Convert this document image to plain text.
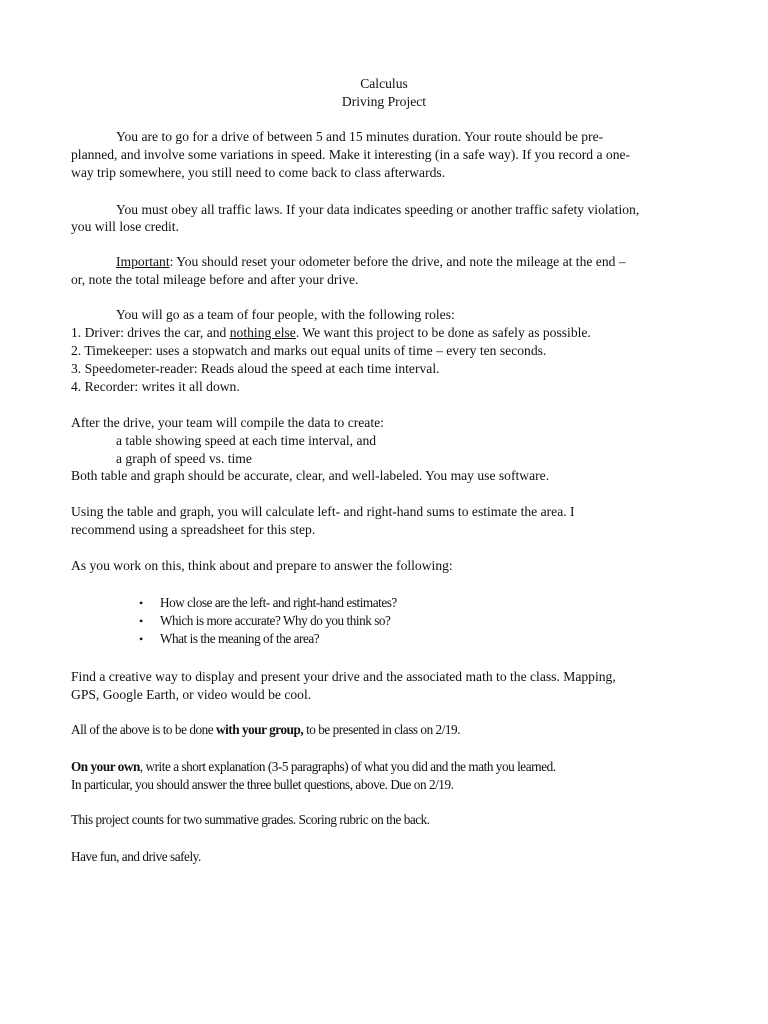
Calculus
Driving Project
You are to go for a drive of between 5 and 15 minutes duration. Your route should be pre-
planned, and involve some variations in speed. Make it interesting (in a safe way). If you record a one-
way trip somewhere, you still need to come back to class afterwards.
You must obey all traffic laws. If your data indicates speeding or another traffic safety violation,
you will lose credit.
Important: You should reset your odometer before the drive, and note the mileage at the end –
or, note the total mileage before and after your drive.
You will go as a team of four people, with the following roles:
1. Driver: drives the car, and nothing else. We want this project to be done as safely as possible.
2. Timekeeper: uses a stopwatch and marks out equal units of time – every ten seconds.
3. Speedometer-reader: Reads aloud the speed at each time interval.
4. Recorder: writes it all down.
After the drive, your team will compile the data to create:
a table showing speed at each time interval, and
a graph of speed vs. time
Both table and graph should be accurate, clear, and well-labeled. You may use software.
Using the table and graph, you will calculate left- and right-hand sums to estimate the area. I
recommend using a spreadsheet for this step.
As you work on this, think about and prepare to answer the following:
• How close are the left- and right-hand estimates?
• Which is more accurate? Why do you think so?
• What is the meaning of the area?
Find a creative way to display and present your drive and the associated math to the class. Mapping,
GPS, Google Earth, or video would be cool.
All of the above is to be done with your group, to be presented in class on 2/19.
On your own, write a short explanation (3-5 paragraphs) of what you did and the math you learned.
In particular, you should answer the three bullet questions, above. Due on 2/19.
This project counts for two summative grades. Scoring rubric on the back.
Have fun, and drive safely.
